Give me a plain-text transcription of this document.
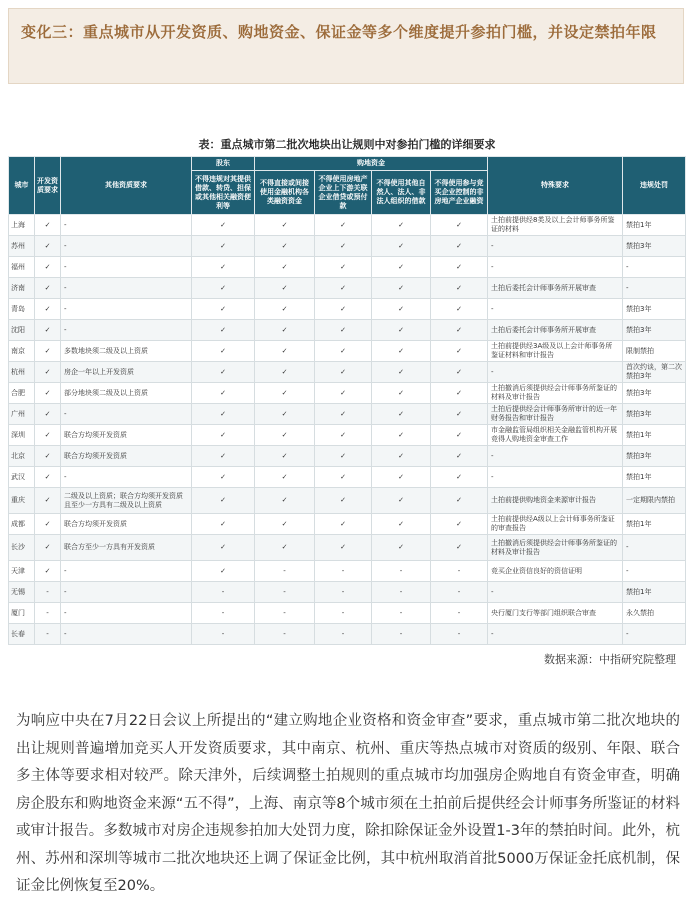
变化三：重点城市从开发资质、购地资金、保证金等多个维度提升参拍门槛，并设定禁拍年限
表：重点城市第二批次地块出让规则中对参拍门槛的详细要求
城市	开发资质要求	其他资质要求	股东	购地资金				特殊要求	违规处罚
			不得违规对其提供借款、转贷、担保或其他相关融资便利等	不得直接或间接使用金融机构各类融资资金	不得使用房地产企业上下游关联企业借贷或预付款	不得使用其他自然人、法人、非法人组织的借款	不得使用参与竞买企业控制的非房地产企业融资		
上海	✓	-	✓	✓	✓	✓	✓	土拍前提供经8类及以上会计师事务所鉴证的材料	禁拍1年
苏州	✓	-	✓	✓	✓	✓	✓	-	禁拍3年
福州	✓	-	✓	✓	✓	✓	✓	-	-
济南	✓	-	✓	✓	✓	✓	✓	土拍后委托会计师事务所开展审查	-
青岛	✓	-	✓	✓	✓	✓	✓	-	禁拍3年
沈阳	✓	-	✓	✓	✓	✓	✓	土拍后委托会计师事务所开展审查	禁拍3年
南京	✓	多数地块须二级及以上资质	✓	✓	✓	✓	✓	土拍前提供经3A级及以上会计师事务所鉴证材料和审计报告	限制禁拍
杭州	✓	房企一年以上开发资质	✓	✓	✓	✓	✓	-	首次约谈，第二次禁拍3年
合肥	✓	部分地块须二级及以上资质	✓	✓	✓	✓	✓	土拍撤消后须提供经会计师事务所鉴证的材料及审计报告	禁拍3年
广州	✓	-	✓	✓	✓	✓	✓	土拍后提供经会计师事务所审计的近一年财务报告和审计报告	禁拍3年
深圳	✓	联合方均须开发资质	✓	✓	✓	✓	✓	市金融监管局组织相关金融监管机构开展竞得人购地资金审查工作	禁拍1年
北京	✓	联合方均须开发资质	✓	✓	✓	✓	✓	-	禁拍3年
武汉	✓	-	✓	✓	✓	✓	✓	-	禁拍1年
重庆	✓	二级及以上资质；联合方均须开发资质且至少一方具有二级及以上资质	✓	✓	✓	✓	✓	土拍前提供购地资金来源审计报告	一定期限内禁拍
成都	✓	联合方均须开发资质	✓	✓	✓	✓	✓	土拍前提供经A级以上会计师事务所鉴证的审查报告	禁拍1年
长沙	✓	联合方至少一方具有开发资质	✓	✓	✓	✓	✓	土拍撤消后须提供经会计师事务所鉴证的材料及审计报告	-
天津	✓	-	✓	-	-	-	-	竞买企业资信良好的资信证明	-
无锡	-	-	-	-	-	-	-	-	禁拍1年
厦门	-	-	-	-	-	-	-	央行厦门支行等部门组织联合审查	永久禁拍
长春	-	-	-	-	-	-	-	-	-
数据来源：中指研究院整理
为响应中央在7月22日会议上所提出的“建立购地企业资格和资金审查”要求，重点城市第二批次地块的出让规则普遍增加竞买人开发资质要求，其中南京、杭州、重庆等热点城市对资质的级别、年限、联合多主体等要求相对较严。除天津外，后续调整土拍规则的重点城市均加强房企购地自有资金审查，明确房企股东和购地资金来源“五不得”，上海、南京等8个城市须在土拍前后提供经会计师事务所鉴证的材料或审计报告。多数城市对房企违规参拍加大处罚力度，除扣除保证金外设置1-3年的禁拍时间。此外，杭州、苏州和深圳等城市二批次地块还上调了保证金比例，其中杭州取消首批5000万保证金托底机制，保证金比例恢复至20%。
